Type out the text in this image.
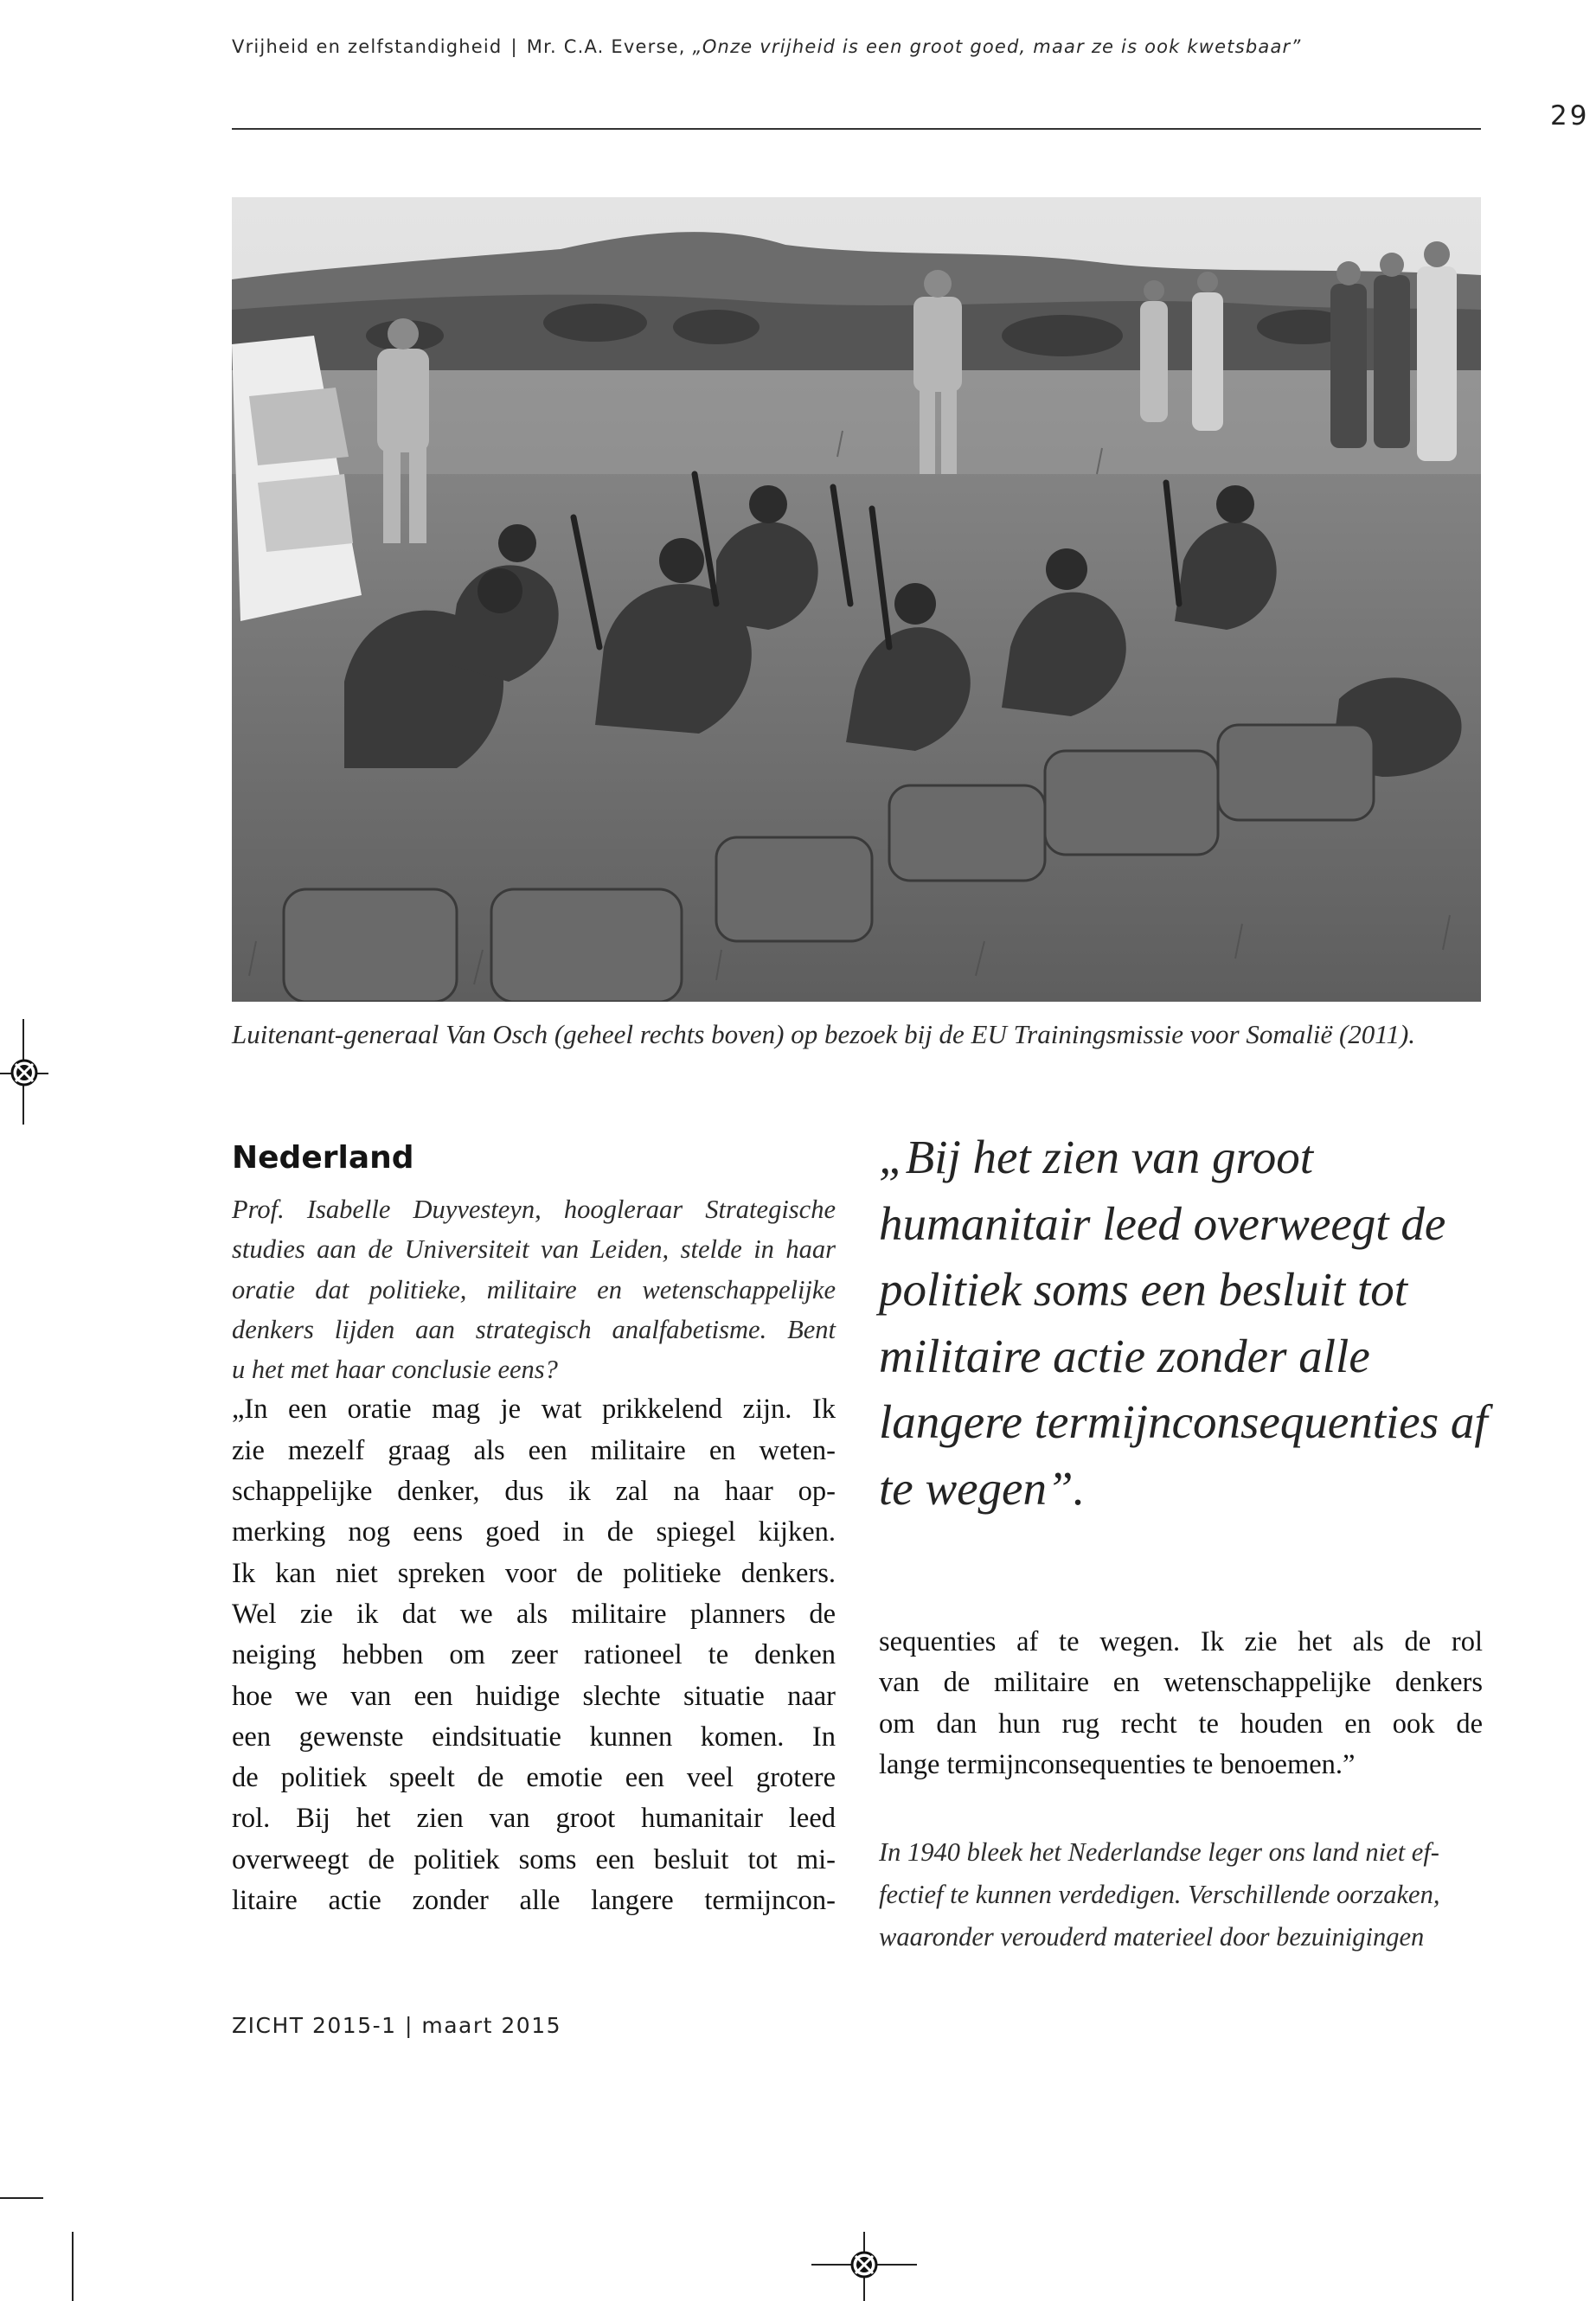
Vrijheid en zelfstandigheid | Mr. C.A. Everse, „Onze vrijheid is een groot goed, maar ze is ook kwetsbaar”
29
Luitenant-generaal Van Osch (geheel rechts boven) op bezoek bij de EU Trainingsmissie voor Somalië (2011).
Nederland
Prof. Isabelle Duyvesteyn, hoogleraar Strategische
studies aan de Universiteit van Leiden, stelde in haar
oratie dat politieke, militaire en wetenschappelijke
denkers lijden aan strategisch analfabetisme. Bent
u het met haar conclusie eens?
„In een oratie mag je wat prikkelend zijn. Ik
zie mezelf graag als een militaire en weten-
schappelijke denker, dus ik zal na haar op-
merking nog eens goed in de spiegel kijken.
Ik kan niet spreken voor de politieke denkers.
Wel zie ik dat we als militaire planners de
neiging hebben om zeer rationeel te denken
hoe we van een huidige slechte situatie naar
een gewenste eindsituatie kunnen komen. In
de politiek speelt de emotie een veel grotere
rol. Bij het zien van groot humanitair leed
overweegt de politiek soms een besluit tot mi-
litaire actie zonder alle langere termijncon-
„Bij het zien van groot
humanitair leed overweegt de
politiek soms een besluit tot
militaire actie zonder alle
langere termijnconsequenties af
te wegen”.
sequenties af te wegen. Ik zie het als de rol
van de militaire en wetenschappelijke denkers
om dan hun rug recht te houden en ook de
lange termijnconsequenties te benoemen.”
In 1940 bleek het Nederlandse leger ons land niet ef-
fectief te kunnen verdedigen. Verschillende oorzaken,
waaronder verouderd materieel door bezuinigingen
ZICHT 2015-1 | maart 2015
